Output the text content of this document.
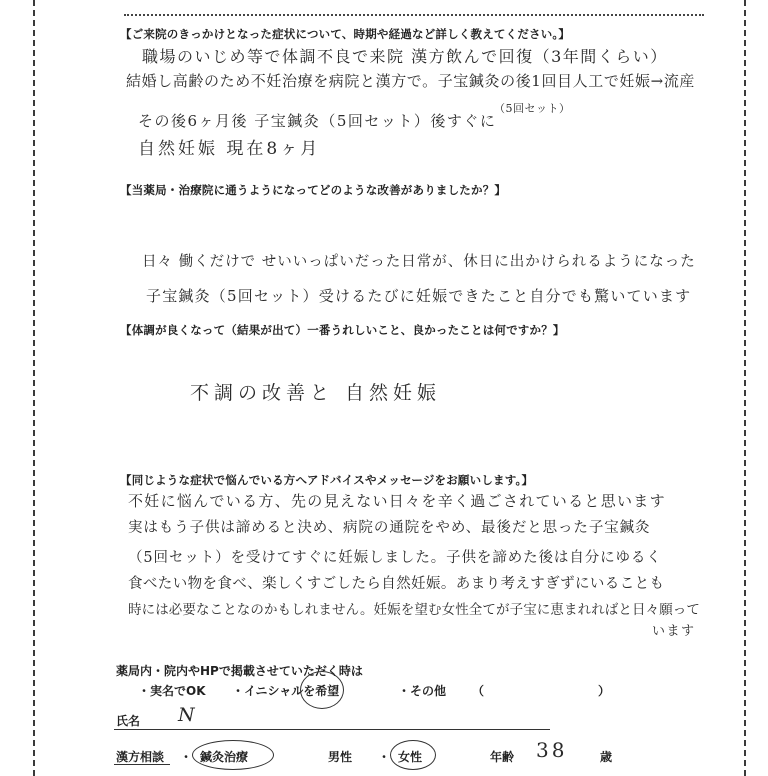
【ご来院のきっかけとなった症状について、時期や経過など詳しく教えてください。】
職場のいじめ等で体調不良で来院 漢方飲んで回復（3年間くらい）
結婚し高齢のため不妊治療を病院と漢方で。子宝鍼灸の後1回目人工で妊娠→流産
（5回セット）
その後6ヶ月後 子宝鍼灸（5回セット）後すぐに
自然妊娠 現在8ヶ月
【当薬局・治療院に通うようになってどのような改善がありましたか？】
日々 働くだけで せいいっぱいだった日常が、休日に出かけられるようになった
子宝鍼灸（5回セット）受けるたびに妊娠できたこと自分でも驚いています
【体調が良くなって（結果が出て）一番うれしいこと、良かったことは何ですか？】
不調の改善と 自然妊娠
【同じような症状で悩んでいる方へアドバイスやメッセージをお願いします。】
不妊に悩んでいる方、先の見えない日々を辛く過ごされていると思います
実はもう子供は諦めると決め、病院の通院をやめ、最後だと思った子宝鍼灸
（5回セット）を受けてすぐに妊娠しました。子供を諦めた後は自分にゆるく
食べたい物を食べ、楽しくすごしたら自然妊娠。あまり考えすぎずにいることも
時には必要なことなのかもしれません。妊娠を望む女性全てが子宝に恵まれればと日々願って
います
薬局内・院内やHPで掲載させていただく時は
・実名でOK ・イニシャルを希望	・その他 （	）
氏名 N
漢方相談 ・ 鍼灸治療	男性 ・ 女性	年齢 38	歳
